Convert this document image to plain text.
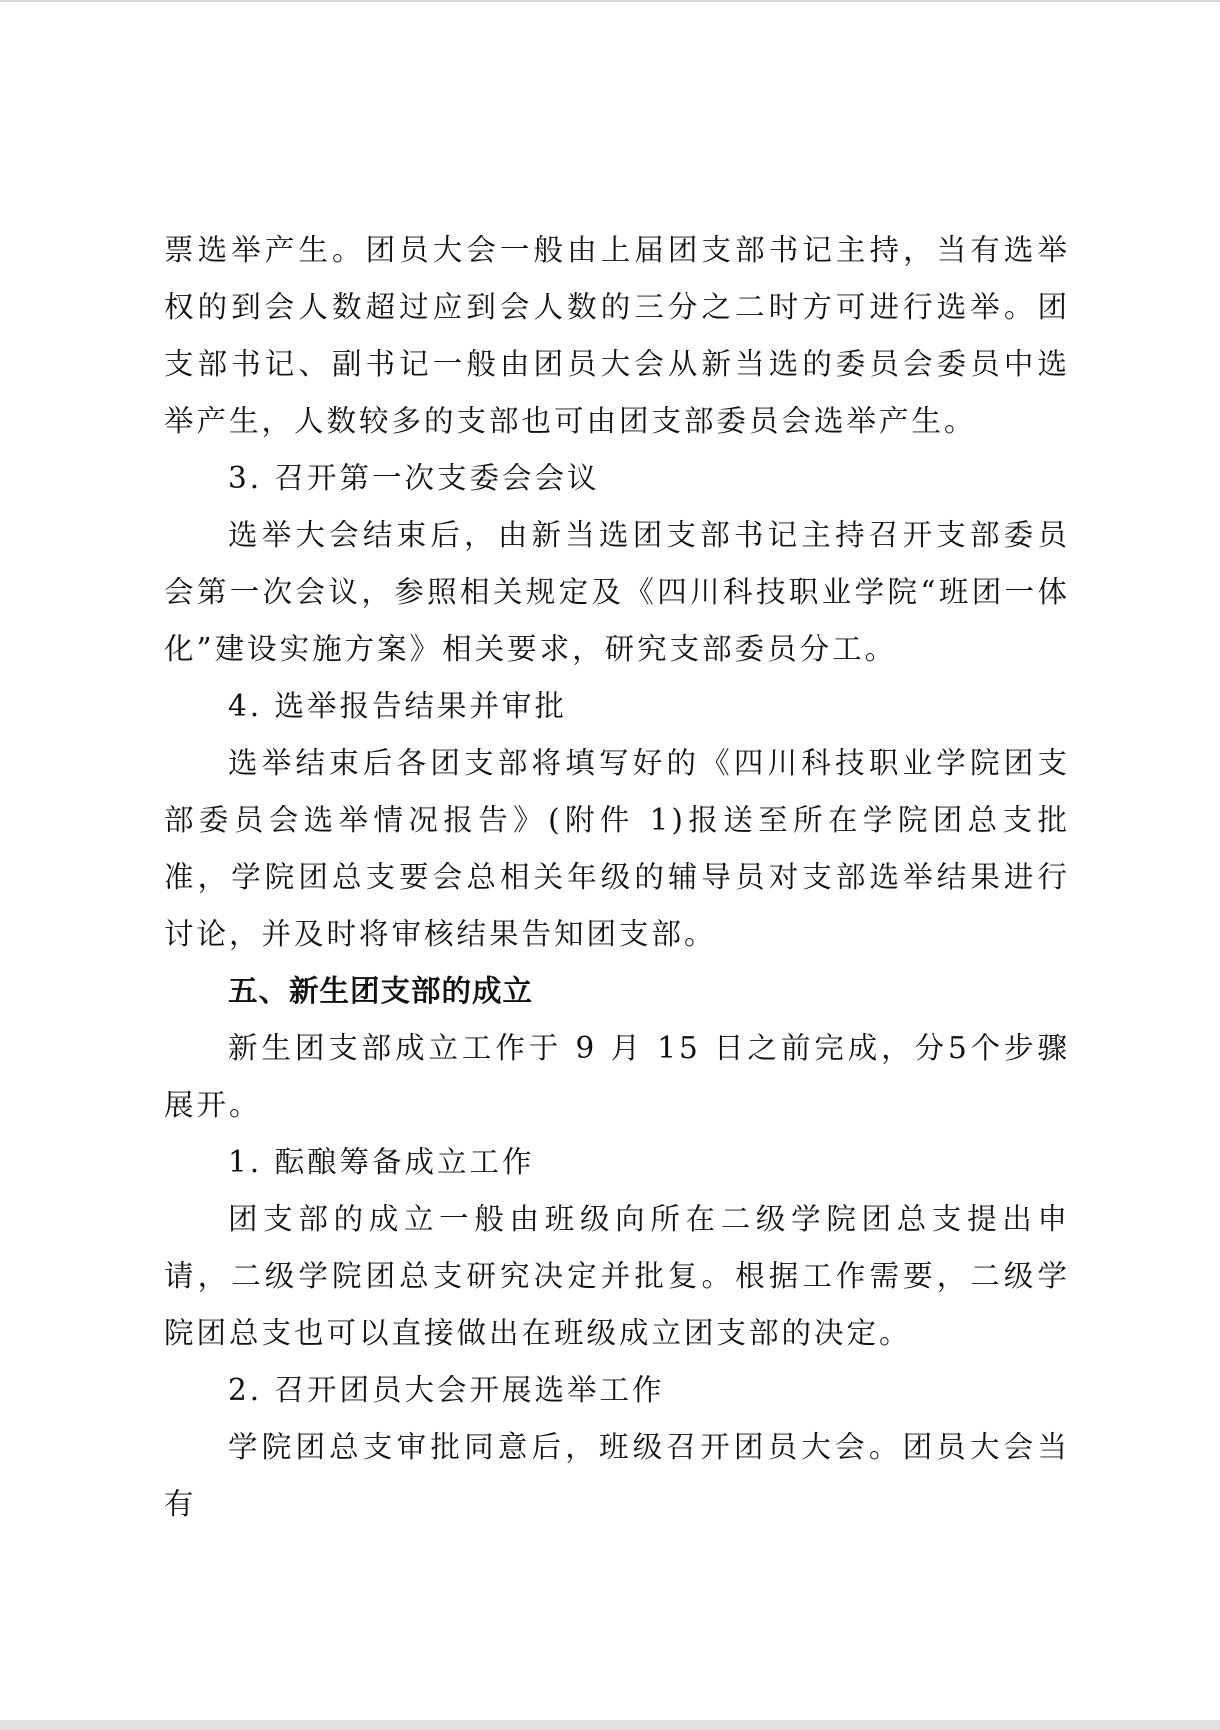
票选举产生。团员大会一般由上届团支部书记主持，当有选举权的到会人数超过应到会人数的三分之二时方可进行选举。团支部书记、副书记一般由团员大会从新当选的委员会委员中选举产生，人数较多的支部也可由团支部委员会选举产生。

3. 召开第一次支委会会议

选举大会结束后，由新当选团支部书记主持召开支部委员会第一次会议，参照相关规定及《四川科技职业学院“班团一体化”建设实施方案》相关要求，研究支部委员分工。

4. 选举报告结果并审批

选举结束后各团支部将填写好的《四川科技职业学院团支部委员会选举情况报告》(附件 1)报送至所在学院团总支批准，学院团总支要会总相关年级的辅导员对支部选举结果进行讨论，并及时将审核结果告知团支部。

五、新生团支部的成立

新生团支部成立工作于 9 月 15 日之前完成，分5个步骤展开。

1. 酝酿筹备成立工作

团支部的成立一般由班级向所在二级学院团总支提出申请，二级学院团总支研究决定并批复。根据工作需要，二级学院团总支也可以直接做出在班级成立团支部的决定。

2. 召开团员大会开展选举工作

学院团总支审批同意后，班级召开团员大会。团员大会当有
